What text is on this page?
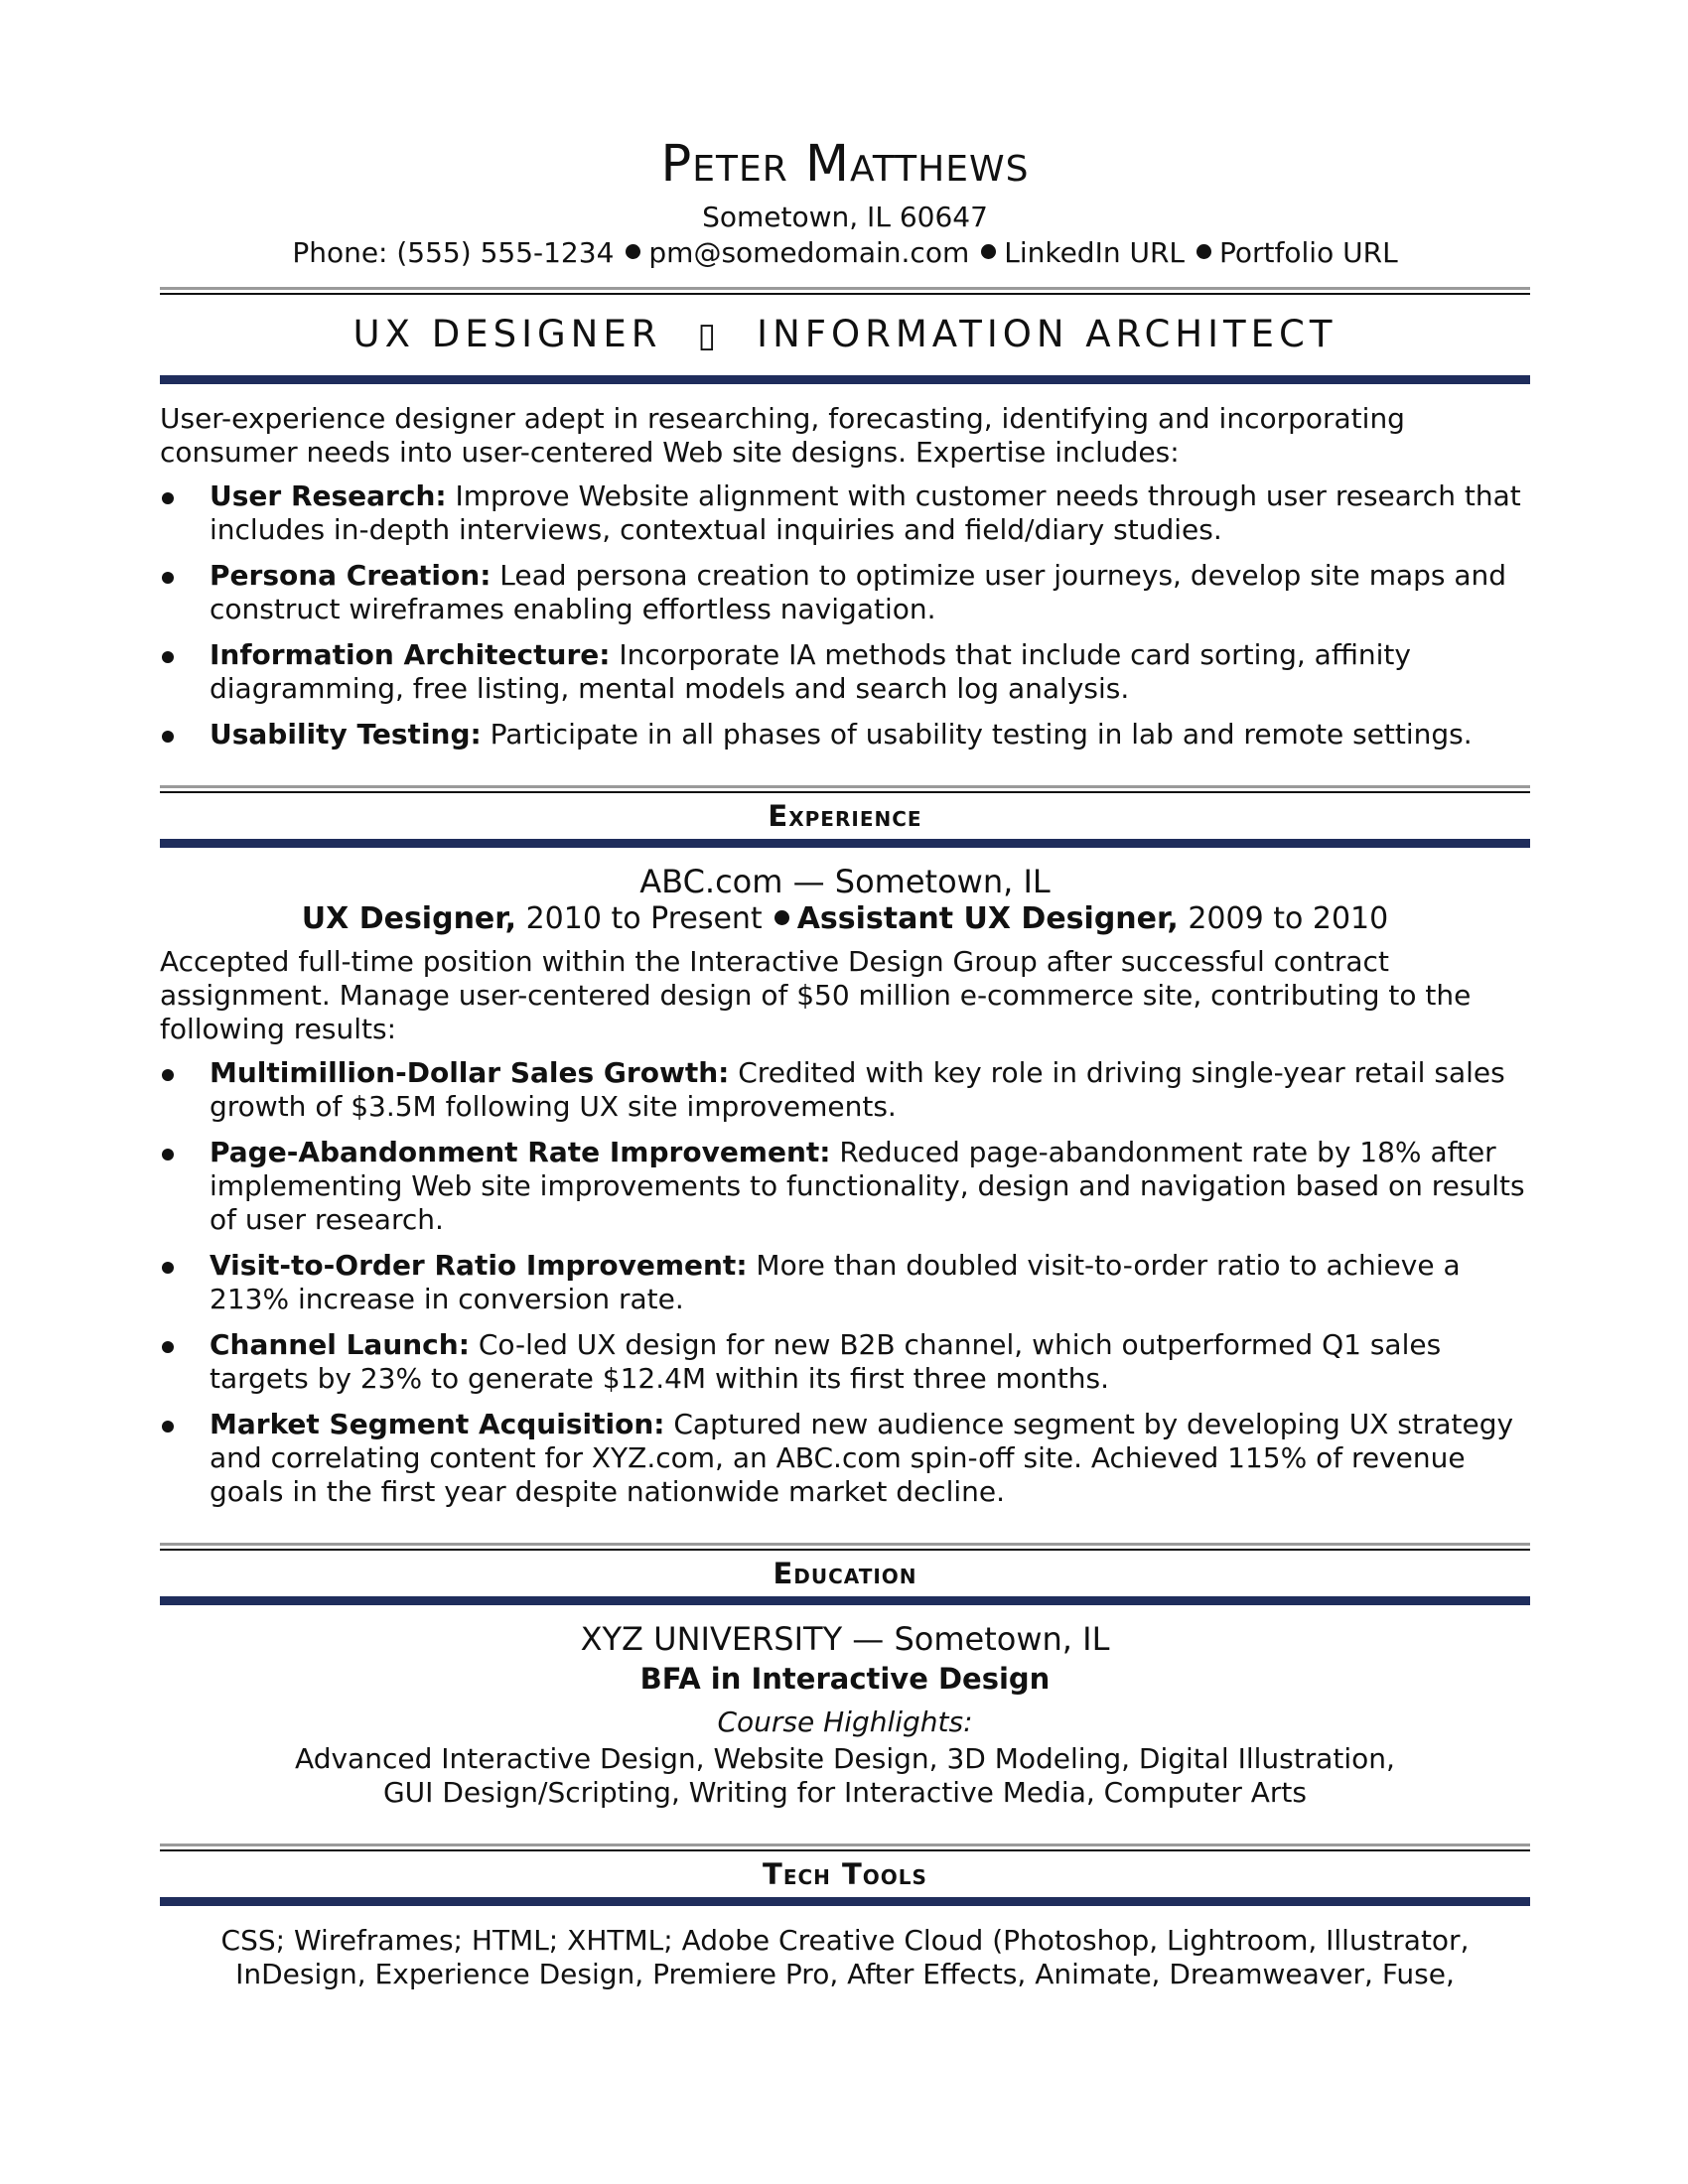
Peter Matthews
Sometown, IL 60647
Phone: (555) 555-1234 pm@somedomain.com LinkedIn URL Portfolio URL
UX DESIGNER ▯ INFORMATION ARCHITECT

User-experience designer adept in researching, forecasting, identifying and incorporating consumer needs into user-centered Web site designs. Expertise includes:

User Research: Improve Website alignment with customer needs through user research that includes in-depth interviews, contextual inquiries and field/diary studies.
Persona Creation: Lead persona creation to optimize user journeys, develop site maps and construct wireframes enabling effortless navigation.
Information Architecture: Incorporate IA methods that include card sorting, affinity diagramming, free listing, mental models and search log analysis.
Usability Testing: Participate in all phases of usability testing in lab and remote settings.
Experience
ABC.com — Sometown, IL
UX Designer, 2010 to Present Assistant UX Designer, 2009 to 2010

Accepted full-time position within the Interactive Design Group after successful contract assignment. Manage user-centered design of $50 million e-commerce site, contributing to the following results:

Multimillion-Dollar Sales Growth: Credited with key role in driving single-year retail sales growth of $3.5M following UX site improvements.
Page-Abandonment Rate Improvement: Reduced page-abandonment rate by 18% after implementing Web site improvements to functionality, design and navigation based on results of user research.
Visit-to-Order Ratio Improvement: More than doubled visit-to-order ratio to achieve a 213% increase in conversion rate.
Channel Launch: Co-led UX design for new B2B channel, which outperformed Q1 sales targets by 23% to generate $12.4M within its first three months.
Market Segment Acquisition: Captured new audience segment by developing UX strategy and correlating content for XYZ.com, an ABC.com spin-off site. Achieved 115% of revenue goals in the first year despite nationwide market decline.
Education
XYZ UNIVERSITY — Sometown, IL
BFA in Interactive Design
Course Highlights:
Advanced Interactive Design, Website Design, 3D Modeling, Digital Illustration,
GUI Design/Scripting, Writing for Interactive Media, Computer Arts
Tech Tools
CSS; Wireframes; HTML; XHTML; Adobe Creative Cloud (Photoshop, Lightroom, Illustrator,
InDesign, Experience Design, Premiere Pro, After Effects, Animate, Dreamweaver, Fuse,
